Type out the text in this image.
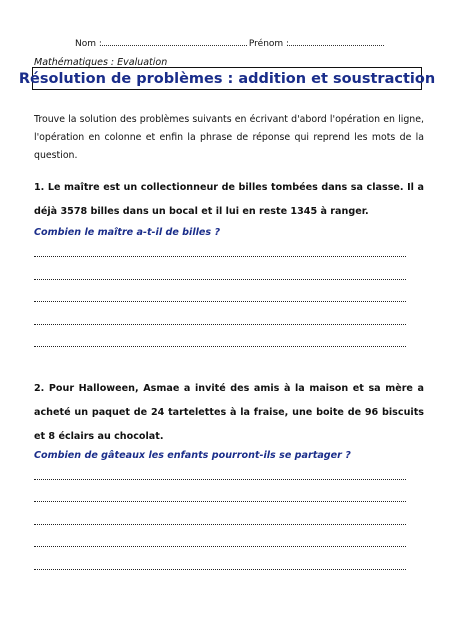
Nom :	Prénom :
Mathématiques : Evaluation
Résolution de problèmes : addition et soustraction
Trouve la solution des problèmes suivants en écrivant d'abord l'opération en ligne, l'opération en colonne et enfin la phrase de réponse qui reprend les mots de la question.
1. Le maître est un collectionneur de billes tombées dans sa classe. Il a déjà 3578 billes dans un bocal et il lui en reste 1345 à ranger.
Combien le maître a-t-il de billes ?
2. Pour Halloween, Asmae a invité des amis à la maison et sa mère a acheté un paquet de 24 tartelettes à la fraise, une boite de 96 biscuits et 8 éclairs au chocolat.
Combien de gâteaux les enfants pourront-ils se partager ?
